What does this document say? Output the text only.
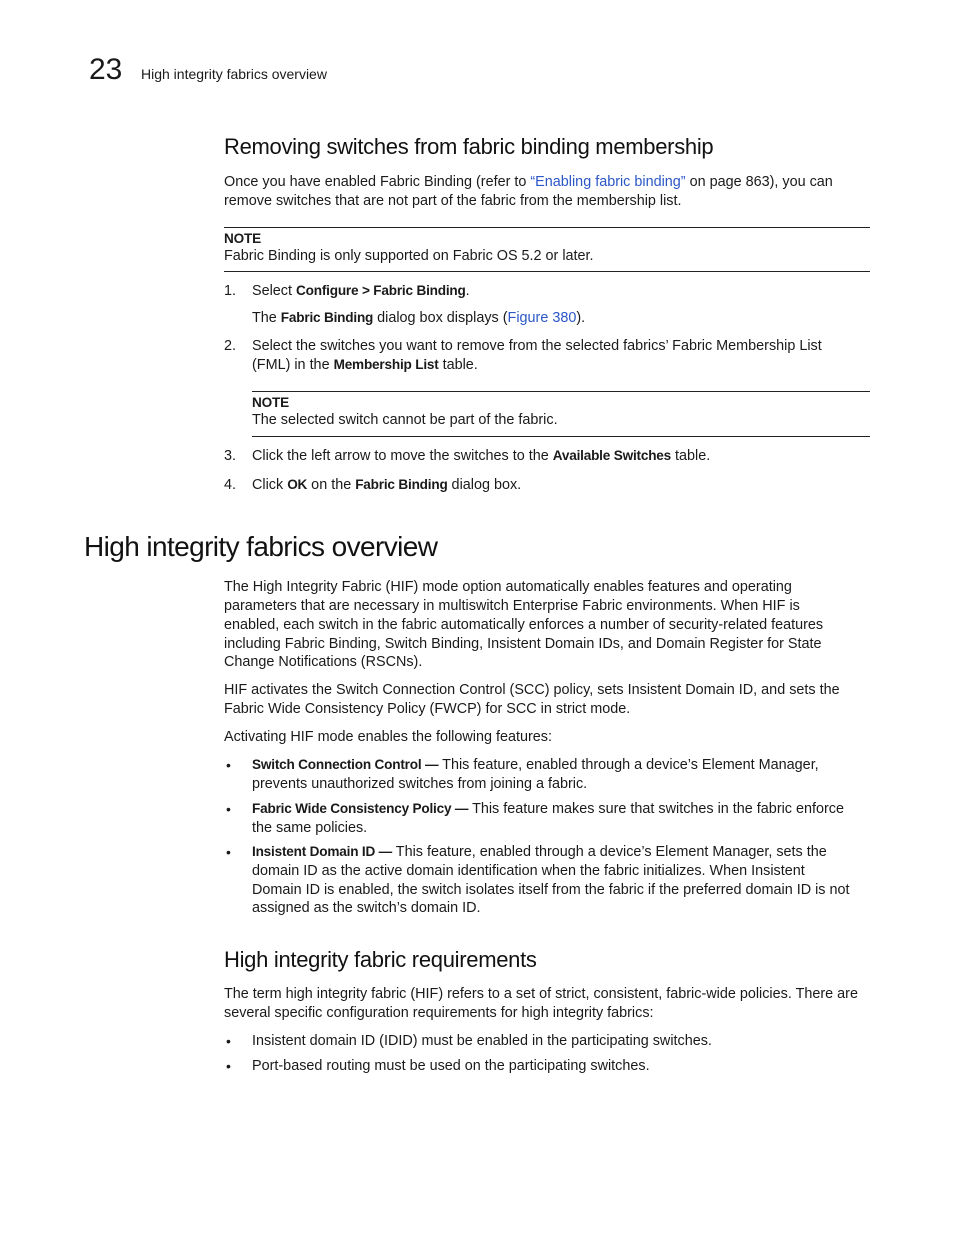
23 High integrity fabrics overview
Removing switches from fabric binding membership
Once you have enabled Fabric Binding (refer to “Enabling fabric binding” on page 863), you can
remove switches that are not part of the fabric from the membership list.
NOTE
Fabric Binding is only supported on Fabric OS 5.2 or later.
1. Select Configure > Fabric Binding.
The Fabric Binding dialog box displays (Figure 380).
2. Select the switches you want to remove from the selected fabrics’ Fabric Membership List
(FML) in the Membership List table.
NOTE
The selected switch cannot be part of the fabric.
3. Click the left arrow to move the switches to the Available Switches table.
4. Click OK on the Fabric Binding dialog box.
High integrity fabrics overview
The High Integrity Fabric (HIF) mode option automatically enables features and operating
parameters that are necessary in multiswitch Enterprise Fabric environments. When HIF is
enabled, each switch in the fabric automatically enforces a number of security-related features
including Fabric Binding, Switch Binding, Insistent Domain IDs, and Domain Register for State
Change Notifications (RSCNs).
HIF activates the Switch Connection Control (SCC) policy, sets Insistent Domain ID, and sets the
Fabric Wide Consistency Policy (FWCP) for SCC in strict mode.
Activating HIF mode enables the following features:
• Switch Connection Control — This feature, enabled through a device’s Element Manager,
prevents unauthorized switches from joining a fabric.
• Fabric Wide Consistency Policy — This feature makes sure that switches in the fabric enforce
the same policies.
• Insistent Domain ID — This feature, enabled through a device’s Element Manager, sets the
domain ID as the active domain identification when the fabric initializes. When Insistent
Domain ID is enabled, the switch isolates itself from the fabric if the preferred domain ID is not
assigned as the switch’s domain ID.
High integrity fabric requirements
The term high integrity fabric (HIF) refers to a set of strict, consistent, fabric-wide policies. There are
several specific configuration requirements for high integrity fabrics:
• Insistent domain ID (IDID) must be enabled in the participating switches.
• Port-based routing must be used on the participating switches.
